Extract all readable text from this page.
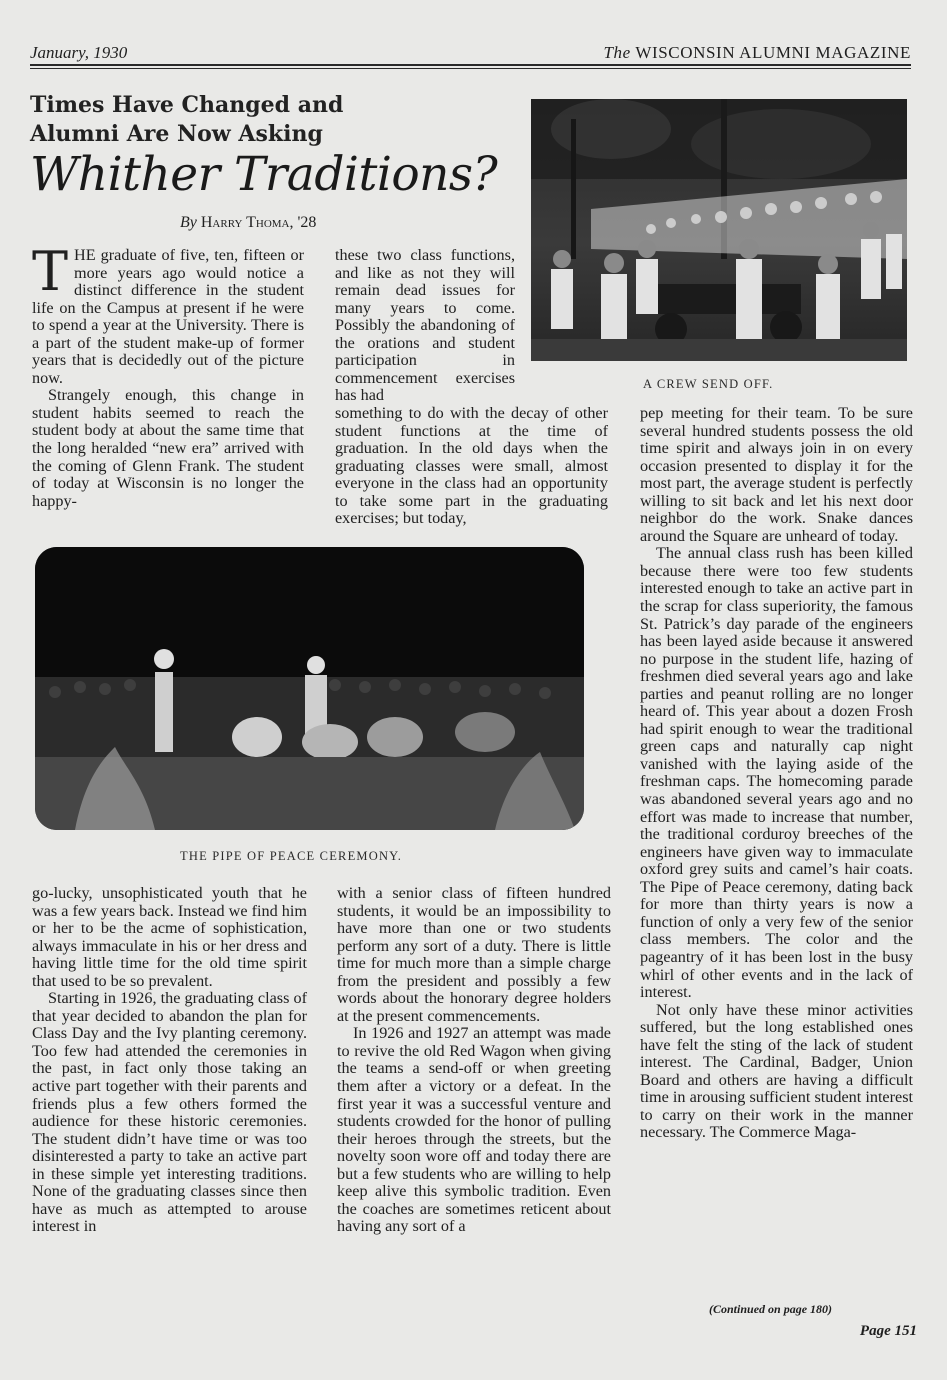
January, 1930	The WISCONSIN ALUMNI MAGAZINE
Times Have Changed and
Alumni Are Now Asking
Whither Traditions?
By Harry Thoma, '28
A CREW SEND OFF.

THE graduate of five, ten, fifteen or more years ago would notice a distinct difference in the student life on the Campus at present if he were to spend a year at the University. There is a part of the student make-up of former years that is decidedly out of the picture now.

Strangely enough, this change in student habits seemed to reach the student body at about the same time that the long heralded “new era” arrived with the coming of Glenn Frank. The student of today at Wisconsin is no longer the happy-

these two class functions, and like as not they will remain dead issues for many years to come. Possibly the abandoning of the orations and student participation in commencement exercises has had

something to do with the decay of other student functions at the time of graduation. In the old days when the graduating classes were small, almost everyone in the class had an opportunity to take some part in the graduating exercises; but today,

THE PIPE OF PEACE CEREMONY.

go-lucky, unsophisticated youth that he was a few years back. Instead we find him or her to be the acme of sophistication, always immaculate in his or her dress and having little time for the old time spirit that used to be so prevalent.

Starting in 1926, the graduating class of that year decided to abandon the plan for Class Day and the Ivy planting ceremony. Too few had attended the ceremonies in the past, in fact only those taking an active part together with their parents and friends plus a few others formed the audience for these historic ceremonies. The student didn’t have time or was too disinterested a party to take an active part in these simple yet interesting traditions. None of the graduating classes since then have as much as attempted to arouse interest in

with a senior class of fifteen hundred students, it would be an impossibility to have more than one or two students perform any sort of a duty. There is little time for much more than a simple charge from the president and possibly a few words about the honorary degree holders at the present commencements.

In 1926 and 1927 an attempt was made to revive the old Red Wagon when giving the teams a send-off or when greeting them after a victory or a defeat. In the first year it was a successful venture and students crowded for the honor of pulling their heroes through the streets, but the novelty soon wore off and today there are but a few students who are willing to help keep alive this symbolic tradition. Even the coaches are sometimes reticent about having any sort of a

pep meeting for their team. To be sure several hundred students possess the old time spirit and always join in on every occasion presented to display it for the most part, the average student is perfectly willing to sit back and let his next door neighbor do the work. Snake dances around the Square are unheard of today.

The annual class rush has been killed because there were too few students interested enough to take an active part in the scrap for class superiority, the famous St. Patrick’s day parade of the engineers has been layed aside because it answered no purpose in the student life, hazing of freshmen died several years ago and lake parties and peanut rolling are no longer heard of. This year about a dozen Frosh had spirit enough to wear the traditional green caps and naturally cap night vanished with the laying aside of the freshman caps. The homecoming parade was abandoned several years ago and no effort was made to increase that number, the traditional corduroy breeches of the engineers have given way to immaculate oxford grey suits and camel’s hair coats. The Pipe of Peace ceremony, dating back for more than thirty years is now a function of only a very few of the senior class members. The color and the pageantry of it has been lost in the busy whirl of other events and in the lack of interest.

Not only have these minor activities suffered, but the long established ones have felt the sting of the lack of student interest. The Cardinal, Badger, Union Board and others are having a difficult time in arousing sufficient student interest to carry on their work in the manner necessary. The Commerce Maga-

(Continued on page 180)
Page 151
